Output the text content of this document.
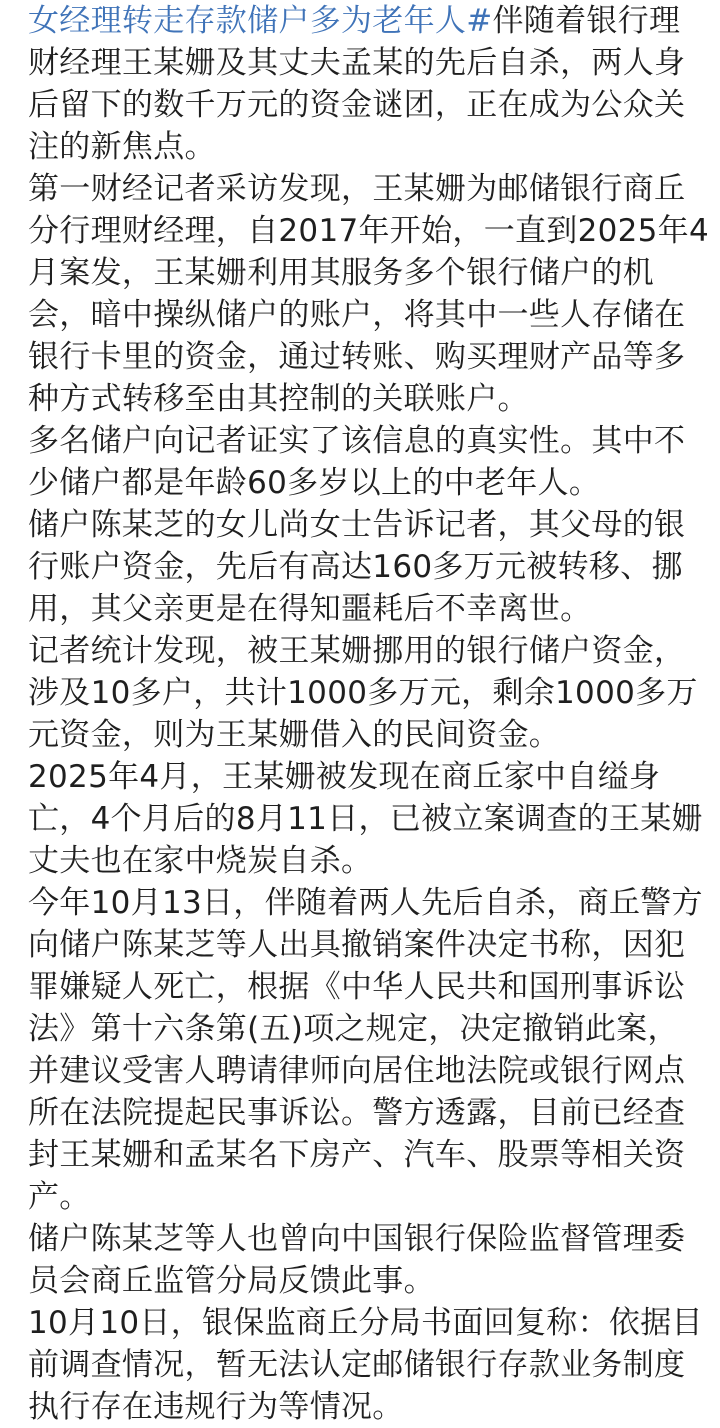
女经理转走存款储户多为老年人#伴随着银行理财经理王某姗及其丈夫孟某的先后自杀，两人身后留下的数千万元的资金谜团，正在成为公众关注的新焦点。

第一财经记者采访发现，王某姗为邮储银行商丘分行理财经理，自2017年开始，一直到2025年4月案发，王某姗利用其服务多个银行储户的机会，暗中操纵储户的账户，将其中一些人存储在银行卡里的资金，通过转账、购买理财产品等多种方式转移至由其控制的关联账户。

多名储户向记者证实了该信息的真实性。其中不少储户都是年龄60多岁以上的中老年人。

储户陈某芝的女儿尚女士告诉记者，其父母的银行账户资金，先后有高达160多万元被转移、挪用，其父亲更是在得知噩耗后不幸离世。

记者统计发现，被王某姗挪用的银行储户资金，涉及10多户，共计1000多万元，剩余1000多万元资金，则为王某姗借入的民间资金。

2025年4月，王某姗被发现在商丘家中自缢身亡，4个月后的8月11日，已被立案调查的王某姗丈夫也在家中烧炭自杀。

今年10月13日，伴随着两人先后自杀，商丘警方向储户陈某芝等人出具撤销案件决定书称，因犯罪嫌疑人死亡，根据《中华人民共和国刑事诉讼法》第十六条第(五)项之规定，决定撤销此案，并建议受害人聘请律师向居住地法院或银行网点所在法院提起民事诉讼。警方透露，目前已经查封王某姗和孟某名下房产、汽车、股票等相关资产。

储户陈某芝等人也曾向中国银行保险监督管理委员会商丘监管分局反馈此事。

10月10日，银保监商丘分局书面回复称：依据目前调查情况，暂无法认定邮储银行存款业务制度执行存在违规行为等情况。
